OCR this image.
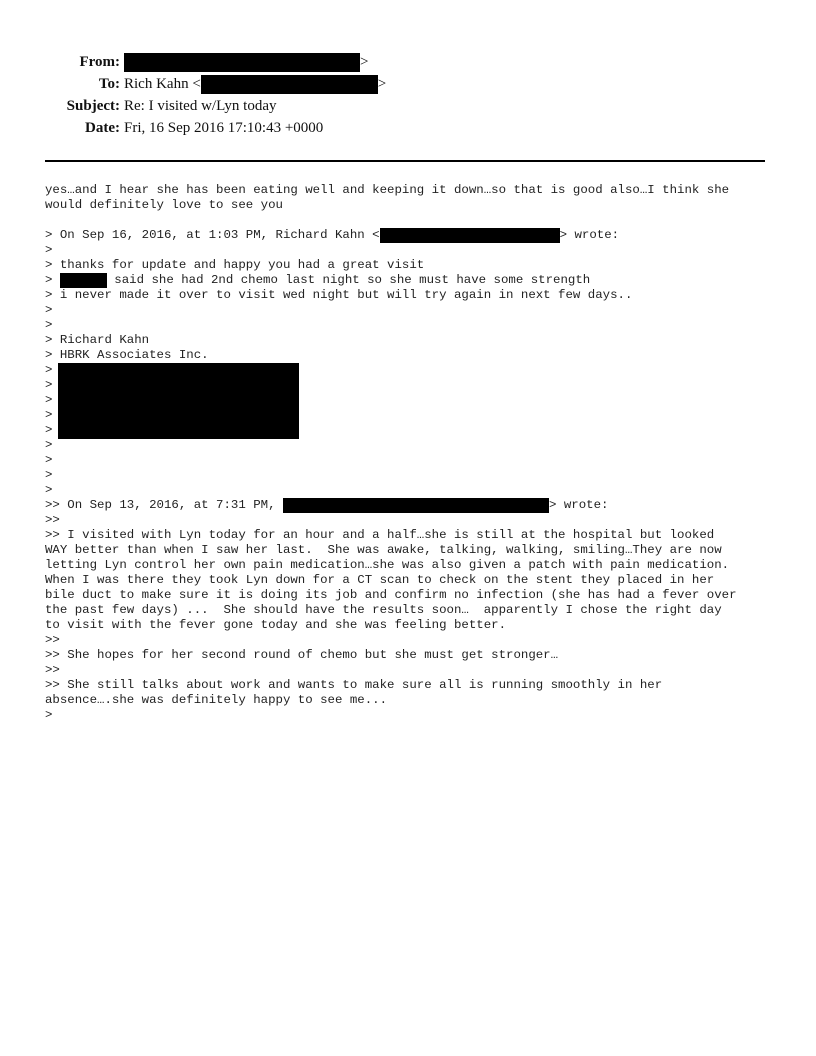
From:	>
To: Rich Kahn <	>
Subject: Re: I visited w/Lyn today
Date: Fri, 16 Sep 2016 17:10:43 +0000
yes…and I hear she has been eating well and keeping it down…so that is good also…I think she
would definitely love to see you
> On Sep 16, 2016, at 1:03 PM, Richard Kahn <	> wrote:
>
> thanks for update and happy you had a great visit
>	said she had 2nd chemo last night so she must have some strength
> i never made it over to visit wed night but will try again in next few days..
>
>
> Richard Kahn
> HBRK Associates Inc.
>
>
>
>
>
>
>
>
>
>> On Sep 13, 2016, at 7:31 PM,	> wrote:
>>
>> I visited with Lyn today for an hour and a half…she is still at the hospital but looked
WAY better than when I saw her last.  She was awake, talking, walking, smiling…They are now
letting Lyn control her own pain medication…she was also given a patch with pain medication.
When I was there they took Lyn down for a CT scan to check on the stent they placed in her
bile duct to make sure it is doing its job and confirm no infection (she has had a fever over
the past few days) ...  She should have the results soon…  apparently I chose the right day
to visit with the fever gone today and she was feeling better.
>>
>> She hopes for her second round of chemo but she must get stronger…
>>
>> She still talks about work and wants to make sure all is running smoothly in her
absence….she was definitely happy to see me...
>
